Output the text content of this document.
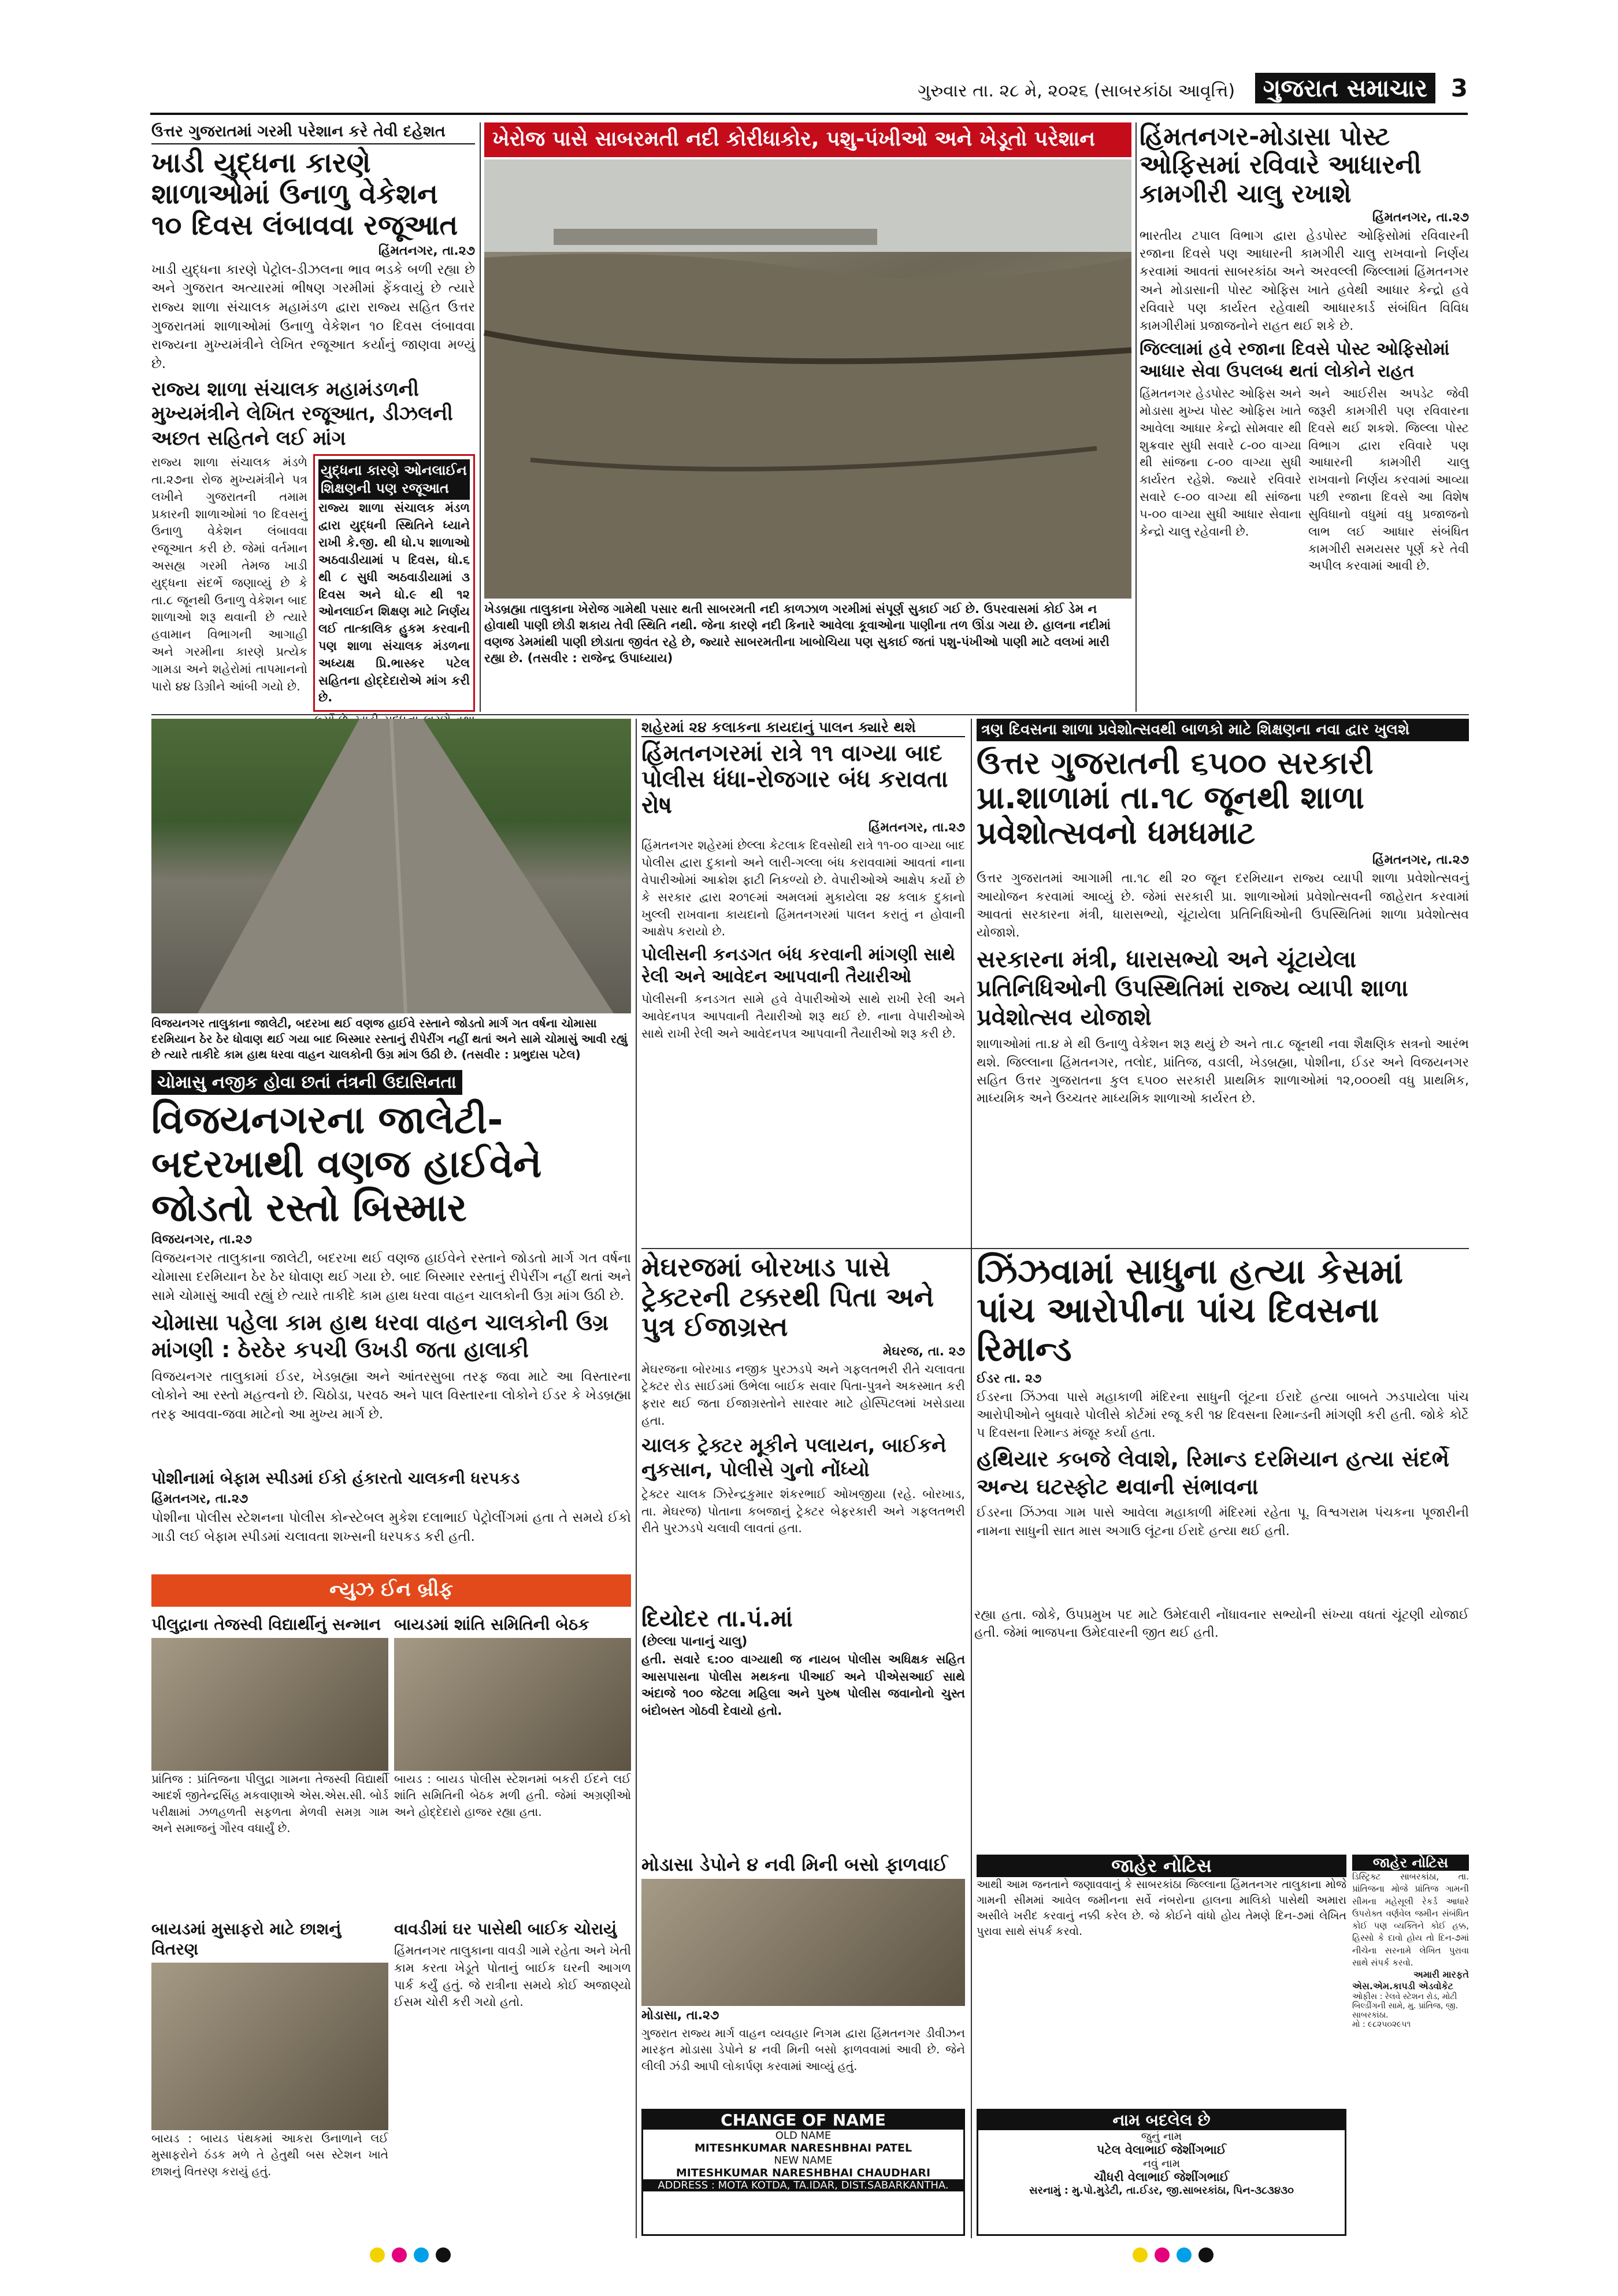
ગુરુવાર તા. ૨૮ મે, ૨૦૨૬ (સાબરકાંઠા આવૃત્તિ) ગુજરાત સમાચાર 3
ઉત્તર ગુજરાતમાં ગરમી પરેશાન કરે તેવી દહેશત
ખાડી યુદ્ધના કારણે શાળાઓમાં ઉનાળુ વેકેશન ૧૦ દિવસ લંબાવવા રજૂઆત
હિંમતનગર, તા.૨૭
ખાડી યુદ્ધના કારણે પેટ્રોલ-ડીઝલના ભાવ ભડકે બળી રહ્યા છે અને ગુજરાત અત્યારમાં ભીષણ ગરમીમાં ફેંકવાયું છે ત્યારે રાજ્ય શાળા સંચાલક મહામંડળ દ્વારા રાજ્ય સહિત ઉત્તર ગુજરાતમાં શાળાઓમાં ઉનાળુ વેકેશન ૧૦ દિવસ લંબાવવા રાજ્યના મુખ્યમંત્રીને લેખિત રજૂઆત કર્યાનું જાણવા મળ્યું છે.
રાજ્ય શાળા સંચાલક મહામંડળની મુખ્યમંત્રીને લેખિત રજૂઆત, ડીઝલની અછત સહિતને લઈ માંગ
રાજ્ય શાળા સંચાલક મંડળે તા.૨૭ના રોજ મુખ્યમંત્રીને પત્ર લખીને ગુજરાતની તમામ પ્રકારની શાળાઓમાં ૧૦ દિવસનું ઉનાળુ વેકેશન લંબાવવા રજૂઆત કરી છે. જેમાં વર્તમાન અસહ્ય ગરમી તેમજ ખાડી યુદ્ધના સંદર્ભે જણાવ્યું છે કે તા.૮ જૂનથી ઉનાળુ વેકેશન બાદ શાળાઓ શરૂ થવાની છે ત્યારે હવામાન વિભાગની આગાહી અને ગરમીના કારણે પ્રત્યેક ગામડા અને શહેરોમાં તાપમાનનો પારો ૪૪ ડિગ્રીને આંબી ગયો છે.
યુદ્ધના કારણે ઓનલાઈન શિક્ષણની પણ રજૂઆત
રાજ્ય શાળા સંચાલક મંડળ દ્વારા યુદ્ધની સ્થિતિને ધ્યાને રાખી કે.જી. થી ધો.૫ શાળાઓ અઠવાડીયામાં ૫ દિવસ, ધો.૬ થી ૮ સુધી અઠવાડીયામાં ૩ દિવસ અને ધો.૯ થી ૧૨ ઓનલાઈન શિક્ષણ માટે નિર્ણય લઈ તાત્કાલિક હુકમ કરવાની પણ શાળા સંચાલક મંડળના અધ્યક્ષ પ્રિ.ભાસ્કર પટેલ સહિતના હોદ્દેદારોએ માંગ કરી છે.
ખેરોજ પાસે સાબરમતી નદી કોરીધાકોર, પશુ-પંખીઓ અને ખેડૂતો પરેશાન
ખેડબ્રહ્મા તાલુકાના ખેરોજ ગામેથી પસાર થતી સાબરમતી નદી કાળઝાળ ગરમીમાં સંપૂર્ણ સુકાઈ ગઈ છે. ઉપરવાસમાં કોઈ ડેમ ન હોવાથી પાણી છોડી શકાય તેવી સ્થિતિ નથી. જેના કારણે નદી કિનારે આવેલા કૂવાઓના પાણીના તળ ઊંડા ગયા છે. હાલના નદીમાં વણજ ડેમમાંથી પાણી છોડાતા જીવંત રહે છે, જ્યારે સાબરમતીના ખાબોચિયા પણ સુકાઈ જતાં પશુ-પંખીઓ પાણી માટે વલખાં મારી રહ્યા છે. (તસવીર : રાજેન્દ્ર ઉપાધ્યાય)
હિંમતનગર-મોડાસા પોસ્ટ ઓફિસમાં રવિવારે આધારની કામગીરી ચાલુ રખાશે
હિંમતનગર, તા.૨૭
ભારતીય ટપાલ વિભાગ દ્વારા હેડપોસ્ટ ઓફિસોમાં રવિવારની રજાના દિવસે પણ આધારની કામગીરી ચાલુ રાખવાનો નિર્ણય કરવામાં આવતાં સાબરકાંઠા અને અરવલ્લી જિલ્લામાં હિંમતનગર અને મોડાસાની પોસ્ટ ઓફિસ ખાતે હવેથી આધાર કેન્દ્રો હવે રવિવારે પણ કાર્યરત રહેવાથી આધારકાર્ડ સંબંધિત વિવિધ કામગીરીમાં પ્રજાજનોને રાહત થઈ શકે છે.
જિલ્લામાં હવે રજાના દિવસે પોસ્ટ ઓફિસોમાં આધાર સેવા ઉપલબ્ધ થતાં લોકોને રાહત
હિંમતનગર હેડપોસ્ટ ઓફિસ અને મોડાસા મુખ્ય પોસ્ટ ઓફિસ ખાતે આવેલા આધાર કેન્દ્રો સોમવાર થી શુક્રવાર સુધી સવારે ૮-૦૦ વાગ્યા થી સાંજના ૮-૦૦ વાગ્યા સુધી કાર્યરત રહેશે. જ્યારે રવિવારે સવારે ૯-૦૦ વાગ્યા થી સાંજના ૫-૦૦ વાગ્યા સુધી આધાર સેવાના કેન્દ્રો ચાલુ રહેવાની છે.
અને આઈરીસ અપડેટ જેવી જરૂરી કામગીરી પણ રવિવારના દિવસે થઈ શકશે. જિલ્લા પોસ્ટ વિભાગ દ્વારા રવિવારે પણ આધારની કામગીરી ચાલુ રાખવાનો નિર્ણય કરવામાં આવ્યા પછી રજાના દિવસે આ વિશેષ સુવિધાનો વધુમાં વધુ પ્રજાજનો લાભ લઈ આધાર સંબંધિત કામગીરી સમયસર પૂર્ણ કરે તેવી અપીલ કરવામાં આવી છે.
વિજયનગર તાલુકાના જાલેટી, બદરખા થઈ વણજ હાઈવે રસ્તાને જોડતો માર્ગ ગત વર્ષના ચોમાસા દરમિયાન ઠેર ઠેર ધોવાણ થઈ ગયા બાદ બિસ્માર રસ્તાનું રીપેરીંગ નહીં થતાં અને સામે ચોમાસું આવી રહ્યું છે ત્યારે તાકીદે કામ હાથ ધરવા વાહન ચાલકોની ઉગ્ર માંગ ઉઠી છે. (તસવીર : પ્રભુદાસ પટેલ)
ચોમાસુ નજીક હોવા છતાં તંત્રની ઉદાસિનતા
વિજયનગરના જાલેટી-બદરખાથી વણજ હાઈવેને જોડતો રસ્તો બિસ્માર
વિજયનગર, તા.૨૭
વિજયનગર તાલુકાના જાલેટી, બદરખા થઈ વણજ હાઈવેને રસ્તાને જોડતો માર્ગ ગત વર્ષના ચોમાસા દરમિયાન ઠેર ઠેર ધોવાણ થઈ ગયા છે. બાદ બિસ્માર રસ્તાનું રીપેરીંગ નહીં થતાં અને સામે ચોમાસું આવી રહ્યું છે ત્યારે તાકીદે કામ હાથ ધરવા વાહન ચાલકોની ઉગ્ર માંગ ઉઠી છે.
ચોમાસા પહેલા કામ હાથ ધરવા વાહન ચાલકોની ઉગ્ર માંગણી : ઠેરઠેર કપચી ઉખડી જતા હાલાકી
વિજયનગર તાલુકામાં ઈડર, ખેડબ્રહ્મા અને આંતરસુબા તરફ જવા માટે આ વિસ્તારના લોકોને આ રસ્તો મહત્વનો છે. ચિઠોડા, પરવઠ અને પાલ વિસ્તારના લોકોને ઈડર કે ખેડબ્રહ્મા તરફ આવવા-જવા માટેનો આ મુખ્ય માર્ગ છે.
પોશીનામાં બેફામ સ્પીડમાં ઈકો હંકારતો ચાલકની ધરપકડ
હિંમતનગર, તા.૨૭
પોશીના પોલીસ સ્ટેશનના પોલીસ કોન્સ્ટેબલ મુકેશ દલાભાઈ પેટ્રોલીંગમાં હતા તે સમયે ઈકો ગાડી લઈ બેફામ સ્પીડમાં ચલાવતા શખ્સની ધરપકડ કરી હતી.
શહેરમાં ૨૪ કલાકના કાયદાનું પાલન ક્યારે થશે
હિંમતનગરમાં રાત્રે ૧૧ વાગ્યા બાદ પોલીસ ધંધા-રોજગાર બંધ કરાવતા રોષ
હિંમતનગર, તા.૨૭
હિંમતનગર શહેરમાં છેલ્લા કેટલાક દિવસોથી રાત્રે ૧૧-૦૦ વાગ્યા બાદ પોલીસ દ્વારા દુકાનો અને લારી-ગલ્લા બંધ કરાવવામાં આવતાં નાના વેપારીઓમાં આક્રોશ ફાટી નિકળ્યો છે. વેપારીઓએ આક્ષેપ કર્યો છે કે સરકાર દ્વારા ૨૦૧૯માં અમલમાં મુકાયેલા ૨૪ કલાક દુકાનો ખુલ્લી રાખવાના કાયદાનો હિંમતનગરમાં પાલન કરાતું ન હોવાની આક્ષેપ કરાયો છે.
પોલીસની કનડગત બંધ કરવાની માંગણી સાથે રેલી અને આવેદન આપવાની તૈયારીઓ
પોલીસની કનડગત સામે હવે વેપારીઓએ સાથે રાખી રેલી અને આવેદનપત્ર આપવાની તૈયારીઓ શરૂ થઈ છે. નાના વેપારીઓએ સાથે રાખી રેલી અને આવેદનપત્ર આપવાની તૈયારીઓ શરૂ કરી છે.
ત્રણ દિવસના શાળા પ્રવેશોત્સવથી બાળકો માટે શિક્ષણના નવા દ્વાર ખુલશે
ઉત્તર ગુજરાતની ૬૫૦૦ સરકારી પ્રા.શાળામાં તા.૧૮ જૂનથી શાળા પ્રવેશોત્સવનો ધમધમાટ
હિંમતનગર, તા.૨૭
ઉત્તર ગુજરાતમાં આગામી તા.૧૮ થી ૨૦ જૂન દરમિયાન રાજ્ય વ્યાપી શાળા પ્રવેશોત્સવનું આયોજન કરવામાં આવ્યું છે. જેમાં સરકારી પ્રા. શાળાઓમાં પ્રવેશોત્સવની જાહેરાત કરવામાં આવતાં સરકારના મંત્રી, ધારાસભ્યો, ચૂંટાયેલા પ્રતિનિધિઓની ઉપસ્થિતિમાં શાળા પ્રવેશોત્સવ યોજાશે.
સરકારના મંત્રી, ધારાસભ્યો અને ચૂંટાયેલા પ્રતિનિધિઓની ઉપસ્થિતિમાં રાજ્ય વ્યાપી શાળા પ્રવેશોત્સવ યોજાશે
શાળાઓમાં તા.૪ મે થી ઉનાળુ વેકેશન શરૂ થયું છે અને તા.૮ જૂનથી નવા શૈક્ષણિક સત્રનો આરંભ થશે. જિલ્લાના હિંમતનગર, તલોદ, પ્રાંતિજ, વડાલી, ખેડબ્રહ્મા, પોશીના, ઈડર અને વિજયનગર સહિત ઉત્તર ગુજરાતના કુલ ૬૫૦૦ સરકારી પ્રાથમિક શાળાઓમાં ૧૨,૦૦૦થી વધુ પ્રાથમિક, માધ્યમિક અને ઉચ્ચતર માધ્યમિક શાળાઓ કાર્યરત છે.
મેઘરજમાં બોરખાડ પાસે ટ્રેક્ટરની ટક્કરથી પિતા અને પુત્ર ઈજાગ્રસ્ત
મેઘરજ, તા. ૨૭
મેઘરજના બોરખાડ નજીક પુરઝડપે અને ગફલતભરી રીતે ચલાવતા ટ્રેક્ટર રોડ સાઈડમાં ઉભેલા બાઈક સવાર પિતા-પુત્રને અકસ્માત કરી ફરાર થઈ જતા ઈજાગ્રસ્તોને સારવાર માટે હોસ્પિટલમાં ખસેડાયા હતા.
ચાલક ટ્રેક્ટર મૂકીને પલાયન, બાઈકને નુકસાન, પોલીસે ગુનો નોંધ્યો
ટ્રેક્ટર ચાલક ઝિરેન્દ્રકુમાર શંકરભાઈ ઓખજીયા (રહે. બોરખાડ, તા. મેઘરજ) પોતાના કબજાનું ટ્રેક્ટર બેફરકારી અને ગફલતભરી રીતે પુરઝડપે ચલાવી લાવતાં હતા.
ઝિંઝવામાં સાધુના હત્યા કેસમાં પાંચ આરોપીના પાંચ દિવસના રિમાન્ડ
ઈડર તા. ૨૭
ઈડરના ઝિંઝવા પાસે મહાકાળી મંદિરના સાધુની લૂંટના ઈરાદે હત્યા બાબતે ઝડપાયેલા પાંચ આરોપીઓને બુધવારે પોલીસે કોર્ટમાં રજૂ કરી ૧૪ દિવસના રિમાન્ડની માંગણી કરી હતી. જોકે કોર્ટે ૫ દિવસના રિમાન્ડ મંજૂર કર્યા હતા.
હથિયાર કબજે લેવાશે, રિમાન્ડ દરમિયાન હત્યા સંદર્ભે અન્ય ઘટસ્ફોટ થવાની સંભાવના
ઈડરના ઝિંઝવા ગામ પાસે આવેલા મહાકાળી મંદિરમાં રહેતા પૂ. વિશ્વગરામ પંચકના પૂજારીની નામના સાધુની સાત માસ અગાઉ લૂંટના ઈરાદે હત્યા થઈ હતી.
દિયોદર તા.પં.માં
(છેલ્લા પાનાનું ચાલુ)
હતી. સવારે ૬:૦૦ વાગ્યાથી જ નાયબ પોલીસ અધિક્ષક સહિત આસપાસના પોલીસ મથકના પીઆઈ અને પીએસઆઈ સાથે અંદાજે ૧૦૦ જેટલા મહિલા અને પુરુષ પોલીસ જવાનોનો ચુસ્ત બંદોબસ્ત ગોઠવી દેવાયો હતો.
રહ્યા હતા. જોકે, ઉપપ્રમુખ પદ માટે ઉમેદવારી નોંધાવનાર સભ્યોની સંખ્યા વધતાં ચૂંટણી યોજાઈ હતી. જેમાં ભાજપના ઉમેદવારની જીત થઈ હતી.
ન્યુઝ ઈન બ્રીફ
પીલુદ્રાના તેજસ્વી વિદ્યાર્થીનું સન્માન
પ્રાંતિજ : પ્રાંતિજના પીલુદ્રા ગામના તેજસ્વી વિદ્યાર્થી આદર્શ જીતેન્દ્રસિંહ મકવાણાએ એસ.એસ.સી. બોર્ડ પરીક્ષામાં ઝળહળતી સફળતા મેળવી સમગ્ર ગામ અને સમાજનું ગૌરવ વધાર્યું છે.
બાયડમાં શાંતિ સમિતિની બેઠક
બાયડ : બાયડ પોલીસ સ્ટેશનમાં બકરી ઈદને લઈ શાંતિ સમિતિની બેઠક મળી હતી. જેમાં અગ્રણીઓ અને હોદ્દેદારો હાજર રહ્યા હતા.
બાયડમાં મુસાફરો માટે છાશનું વિતરણ
બાયડ : બાયડ પંથકમાં આકરા ઉનાળાને લઈ મુસાફરોને ઠંડક મળે તે હેતુથી બસ સ્ટેશન ખાતે છાશનું વિતરણ કરાયું હતું.
વાવડીમાં ઘર પાસેથી બાઈક ચોરાયું
હિંમતનગર તાલુકાના વાવડી ગામે રહેતા અને ખેતી કામ કરતા ખેડૂતે પોતાનું બાઈક ઘરની આગળ પાર્ક કર્યું હતું. જે રાત્રીના સમયે કોઈ અજાણ્યો ઈસમ ચોરી કરી ગયો હતો.
મોડાસા ડેપોને ૪ નવી મિની બસો ફાળવાઈ
મોડાસા, તા.૨૭
ગુજરાત રાજ્ય માર્ગ વાહન વ્યવહાર નિગમ દ્વારા હિંમતનગર ડીવીઝન મારફત મોડાસા ડેપોને ૪ નવી મિની બસો ફાળવવામાં આવી છે. જેને લીલી ઝંડી આપી લોકાર્પણ કરવામાં આવ્યું હતું.
જાહેર નોટિસ
આથી આમ જનતાને જણાવવાનું કે સાબરકાંઠા જિલ્લાના હિંમતનગર તાલુકાના મોજે ગામની સીમમાં આવેલ જમીનના સર્વે નંબરોના હાલના માલિકો પાસેથી અમારા અસીલે ખરીદ કરવાનું નક્કી કરેલ છે. જે કોઈને વાંધો હોય તેમણે દિન-૭માં લેખિત પુરાવા સાથે સંપર્ક કરવો.
જાહેર નોટિસ
ડિસ્ટ્રિક્ટ સાબરકાંઠા, તા. પ્રાંતિજના મોજે પ્રાંતિજ ગામની સીમના મહેસૂલી રેકર્ડ આધારે ઉપરોક્ત વર્ણવેલ જમીન સંબંધિત કોઈ પણ વ્યક્તિને કોઈ હક્ક, હિસ્સો કે દાવો હોય તો દિન-૭માં નીચેના સરનામે લેખિત પુરાવા સાથે સંપર્ક કરવો.
અમારી મારફતે
એસ.એમ.કાપડી એડવોકેટ
ઓફીસ : રેલવે સ્ટેશન રોડ, મોટી બિલ્ડીંગની સામે, મુ. પ્રાંતિજ, જી. સાબરકાંઠા.
મો : ૯૮૨૫૦૨૯૫૧
CHANGE OF NAME
OLD NAME
MITESHKUMAR NARESHBHAI PATEL
NEW NAME
MITESHKUMAR NARESHBHAI CHAUDHARI
ADDRESS : MOTA KOTDA, TA.IDAR, DIST.SABARKANTHA.
નામ બદલેલ છે
જુનું નામ
પટેલ વેલાભાઈ જેશીંગભાઈ
નવું નામ
ચૌધરી વેલાભાઈ જેશીંગભાઈ
સરનામું : મુ.પો.મુડેટી, તા.ઈડર, જી.સાબરકાંઠા, પિન-૩૮૩૪૩૦
